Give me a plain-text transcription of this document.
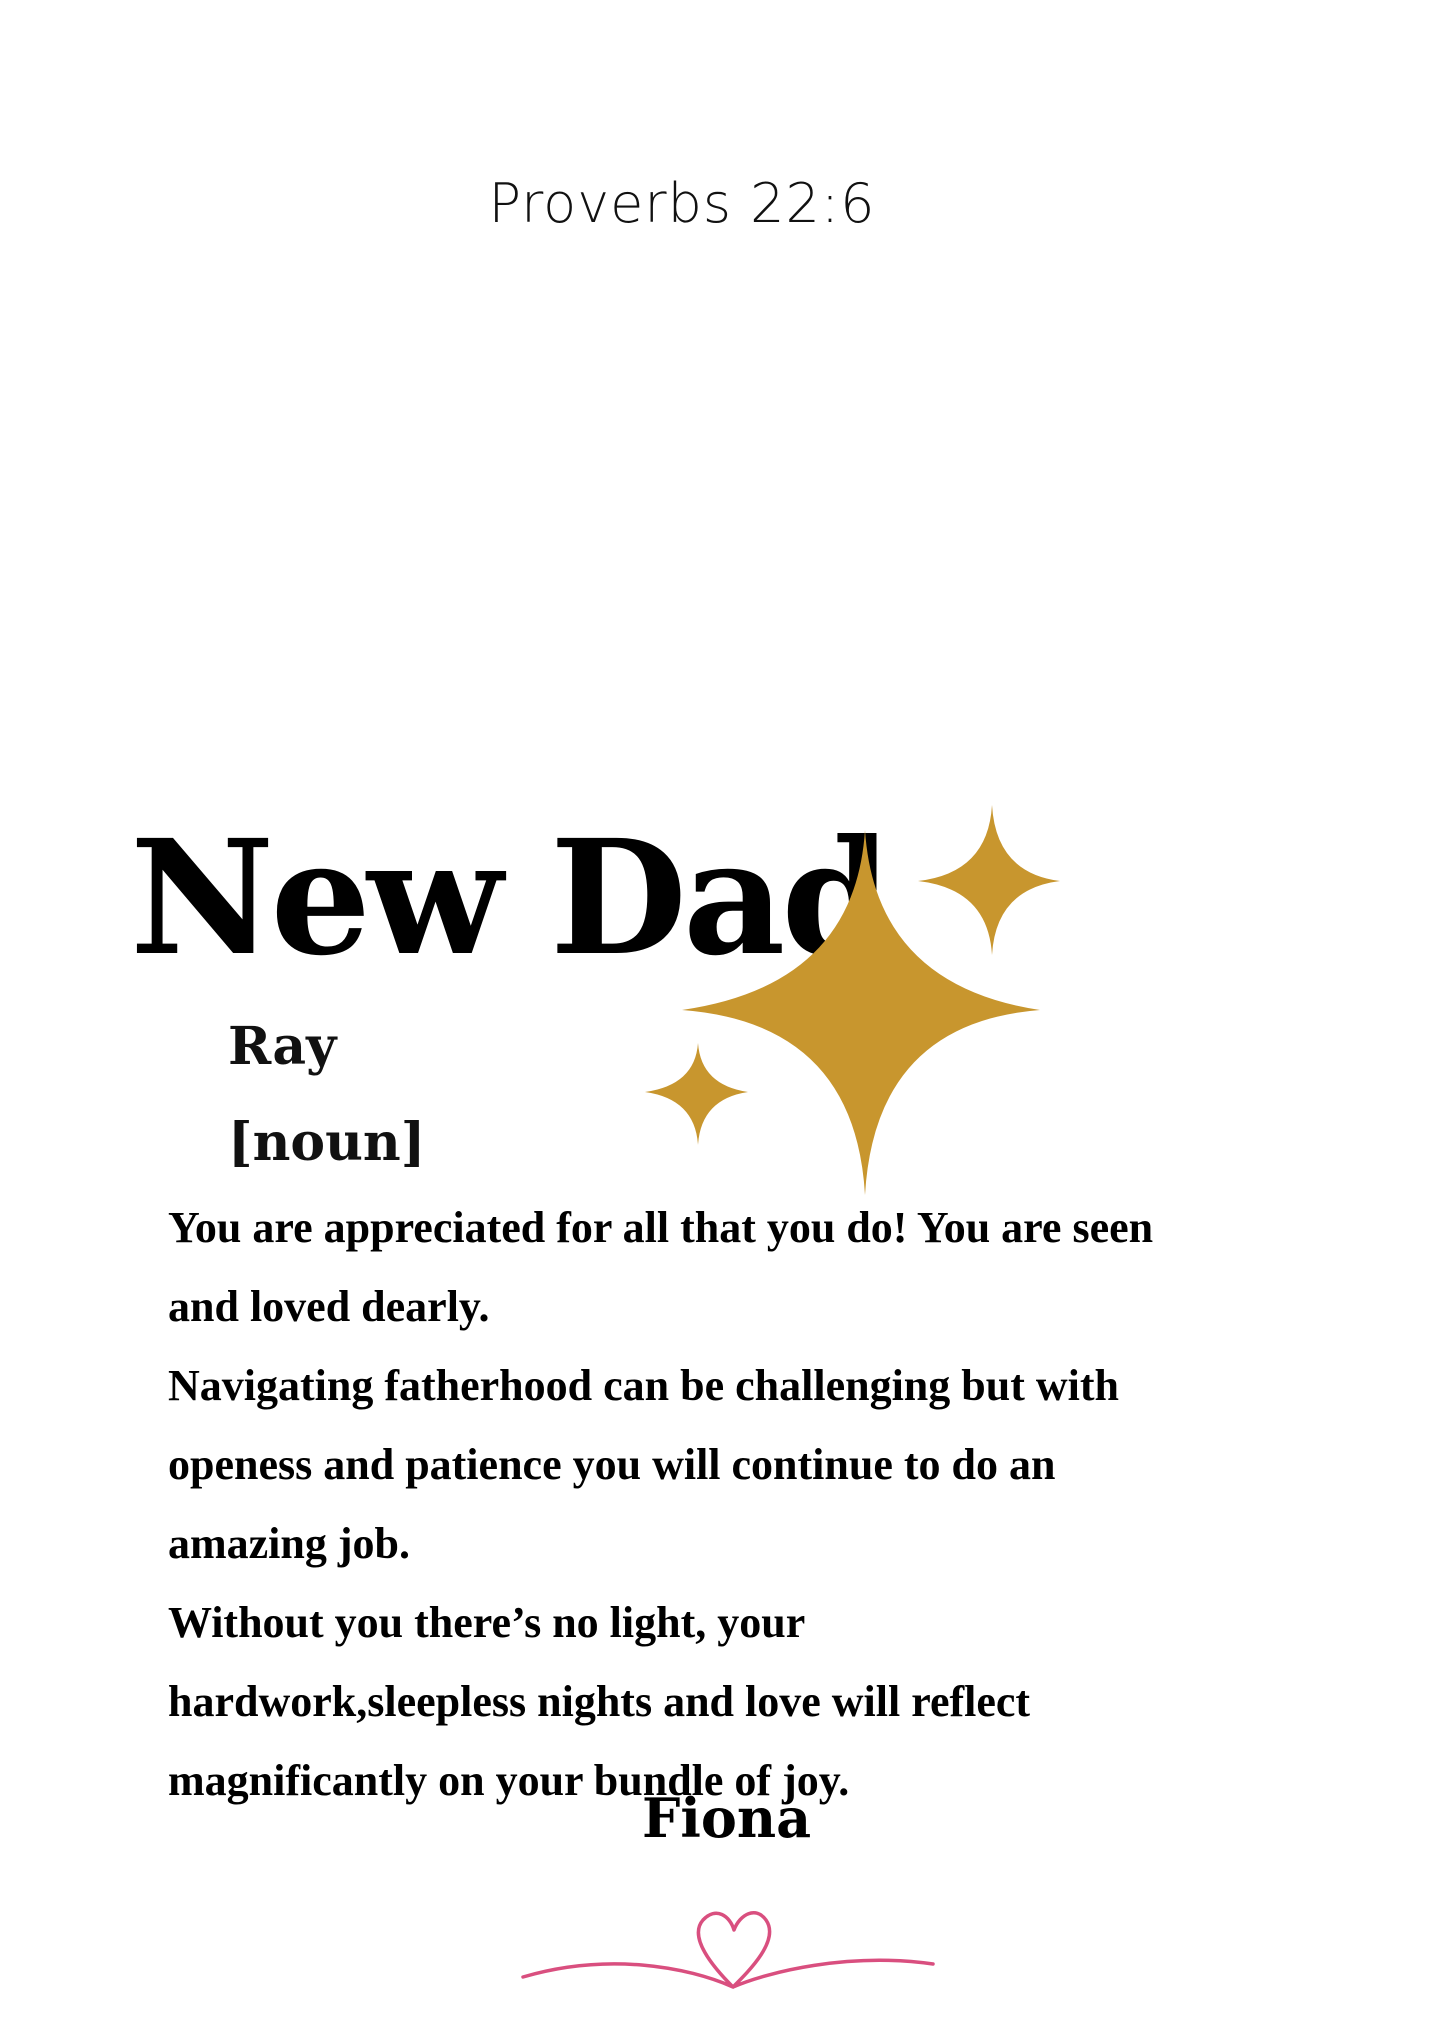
Proverbs 22:6
New Dad
Ray
[noun]
You are appreciated for all that you do! You are seen
and loved dearly.
Navigating fatherhood can be challenging but with
openess and patience you will continue to do an
amazing job.
Without you there’s no light, your
hardwork,sleepless nights and love will reflect
magnificantly on your bundle of joy.
Fiona
